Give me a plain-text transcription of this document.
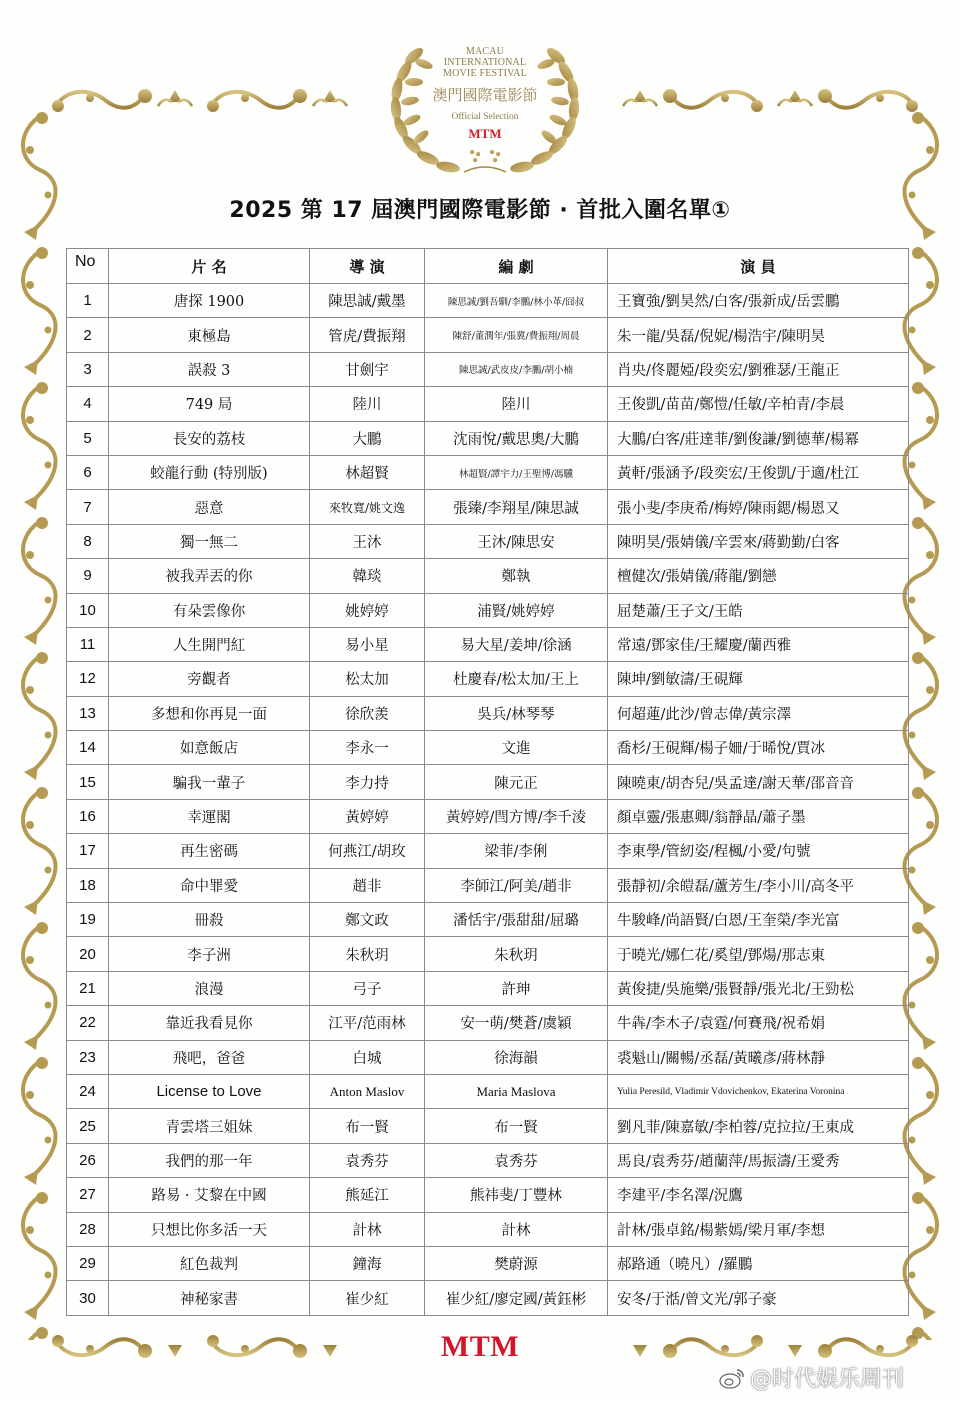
MACAU
INTERNATIONAL
MOVIE FESTIVAL
澳門國際電影節
Official Selection
MTM
2025 第 17 屆澳門國際電影節 · 首批入圍名單①
No	片 名	導 演	編 劇	演 員
1	唐探 1900	陳思誠/戴墨	陳思誠/劉吾馴/李鵬/林小革/囧叔	王寶強/劉昊然/白客/張新成/岳雲鵬
2	東極島	管虎/費振翔	陳舒/董潤年/張冀/費振翔/周晨	朱一龍/吳磊/倪妮/楊浩宇/陳明昊
3	誤殺 3	甘劍宇	陳思誠/武皮皮/李鵬/胡小楠	肖央/佟麗婭/段奕宏/劉雅瑟/王龍正
4	749 局	陸川	陸川	王俊凱/苗苗/鄭愷/任敏/辛柏青/李晨
5	長安的荔枝	大鵬	沈雨悅/戴思奧/大鵬	大鵬/白客/莊達菲/劉俊謙/劉德華/楊冪
6	蛟龍行動 (特別版)	林超賢	林超賢/譚宇力/王聖博/馮驥	黃軒/張涵予/段奕宏/王俊凱/于適/杜江
7	惡意	來牧寬/姚文逸	張臻/李翔星/陳思誠	張小斐/李庚希/梅婷/陳雨鍶/楊恩又
8	獨一無二	王沐	王沐/陳思安	陳明昊/張婧儀/辛雲來/蔣勤勤/白客
9	被我弄丟的你	韓琰	鄭執	檀健次/張婧儀/蔣龍/劉戀
10	有朵雲像你	姚婷婷	浦賢/姚婷婷	屈楚蕭/王子文/王皓
11	人生開門紅	易小星	易大星/姜坤/徐涵	常遠/鄧家佳/王耀慶/蘭西雅
12	旁觀者	松太加	杜慶春/松太加/王上	陳坤/劉敏濤/王硯輝
13	多想和你再見一面	徐欣羨	吳兵/林琴琴	何超蓮/此沙/曾志偉/黃宗澤
14	如意飯店	李永一	文進	喬杉/王硯輝/楊子姍/于晞悅/賈冰
15	騙我一輩子	李力持	陳元正	陳曉東/胡杏兒/吳孟達/謝天華/邵音音
16	幸運閣	黃婷婷	黃婷婷/閆方博/李千淩	顏卓靈/張惠卿/翁靜晶/蕭子墨
17	再生密碼	何燕江/胡玫	梁菲/李俐	李東學/管紉姿/程楓/小愛/句號
18	命中罪愛	趙非	李師江/阿美/趙非	張靜初/余皚磊/蘆芳生/李小川/高冬平
19	冊殺	鄭文政	潘恬宇/張甜甜/屈璐	牛駿峰/尚語賢/白恩/王奎榮/李光富
20	李子洲	朱秋玥	朱秋玥	于曉光/娜仁花/奚望/鄧煬/那志東
21	浪漫	弓子	許珅	黃俊捷/吳施樂/張賢靜/張光北/王勁松
22	靠近我看見你	江平/范雨林	安一萌/樊蒼/虞穎	牛犇/李木子/袁霆/何賽飛/祝希娟
23	飛吧，爸爸	白城	徐海韻	裘魁山/關暢/丞磊/黃曦彥/蔣林靜
24	License to Love	Anton Maslov	Maria Maslova	Yulia Peresild, Vladimir Vdovichenkov, Ekaterina Voronina
25	青雲塔三姐妹	布一賢	布一賢	劉凡菲/陳嘉敏/李柏蓉/克拉拉/王東成
26	我們的那一年	袁秀芬	袁秀芬	馬良/袁秀芬/趙蘭萍/馬振濤/王愛秀
27	路易 · 艾黎在中國	熊延江	熊祎斐/丁豐林	李建平/李名澤/況鷹
28	只想比你多活一天	計林	計林	計林/張卓銘/楊紫嫣/梁月軍/李想
29	紅色裁判	鐘海	樊蔚源	郝路通（曉凡）/羅鵬
30	神秘家書	崔少紅	崔少紅/廖定國/黃鈺彬	安冬/于湉/曾文光/郭子豪
MTM
@时代娱乐周刊
